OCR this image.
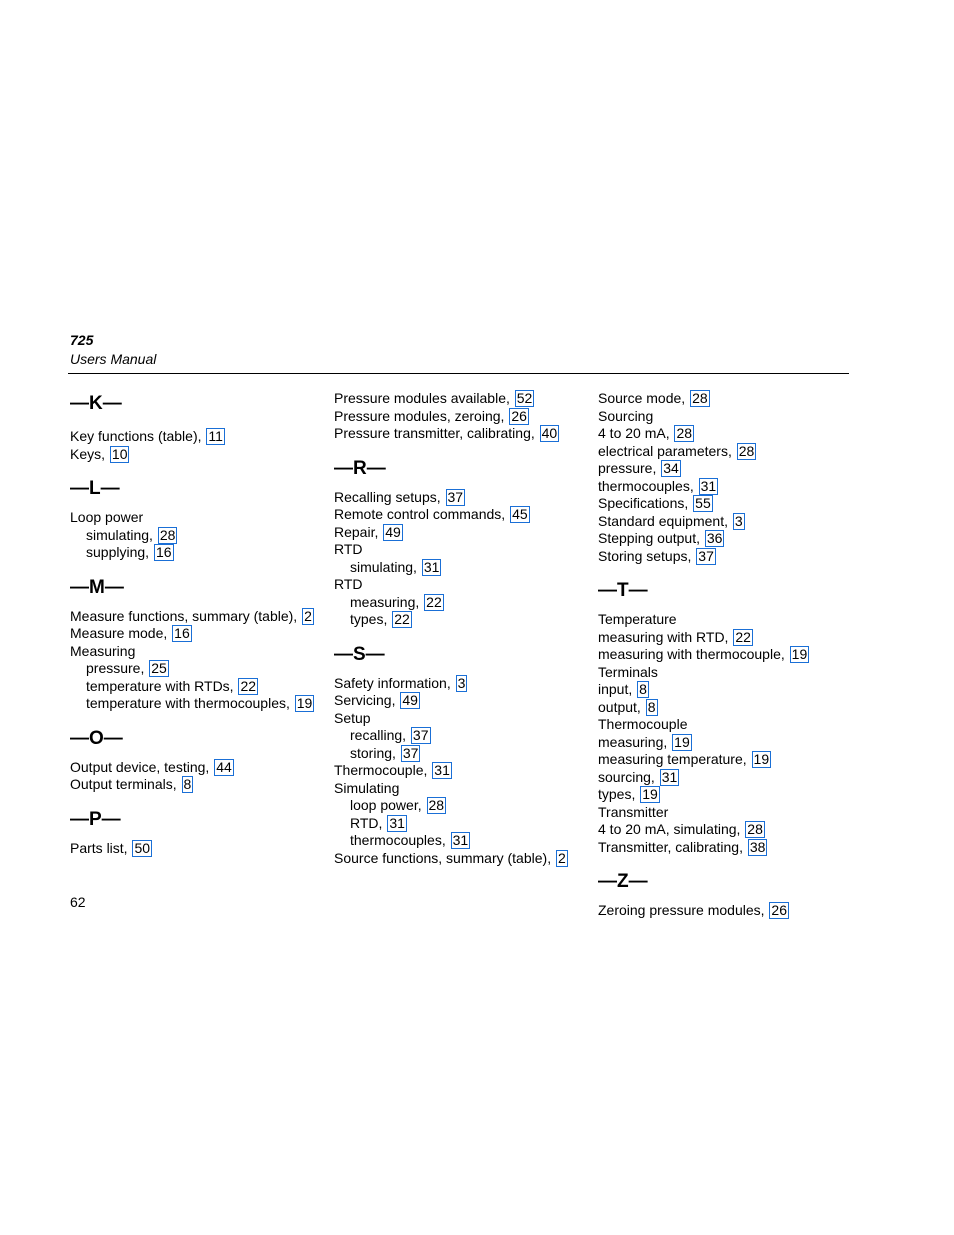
725
Users Manual
—K—
Key functions (table), 11
Keys, 10
—L—
Loop power
simulating, 28
supplying, 16
—M—
Measure functions, summary (table), 2
Measure mode, 16
Measuring
pressure, 25
temperature with RTDs, 22
temperature with thermocouples, 19
—O—
Output device, testing, 44
Output terminals, 8
—P—
Parts list, 50
Pressure modules available, 52
Pressure modules, zeroing, 26
Pressure transmitter, calibrating, 40
—R—
Recalling setups, 37
Remote control commands, 45
Repair, 49
RTD
simulating, 31
RTD
measuring, 22
types, 22
—S—
Safety information, 3
Servicing, 49
Setup
recalling, 37
storing, 37
Thermocouple, 31
Simulating
loop power, 28
RTD, 31
thermocouples, 31
Source functions, summary (table), 2
Source mode, 28
Sourcing
4 to 20 mA, 28
electrical parameters, 28
pressure, 34
thermocouples, 31
Specifications, 55
Standard equipment, 3
Stepping output, 36
Storing setups, 37
—T—
Temperature
measuring with RTD, 22
measuring with thermocouple, 19
Terminals
input, 8
output, 8
Thermocouple
measuring, 19
measuring temperature, 19
sourcing, 31
types, 19
Transmitter
4 to 20 mA, simulating, 28
Transmitter, calibrating, 38
—Z—
Zeroing pressure modules, 26
62
